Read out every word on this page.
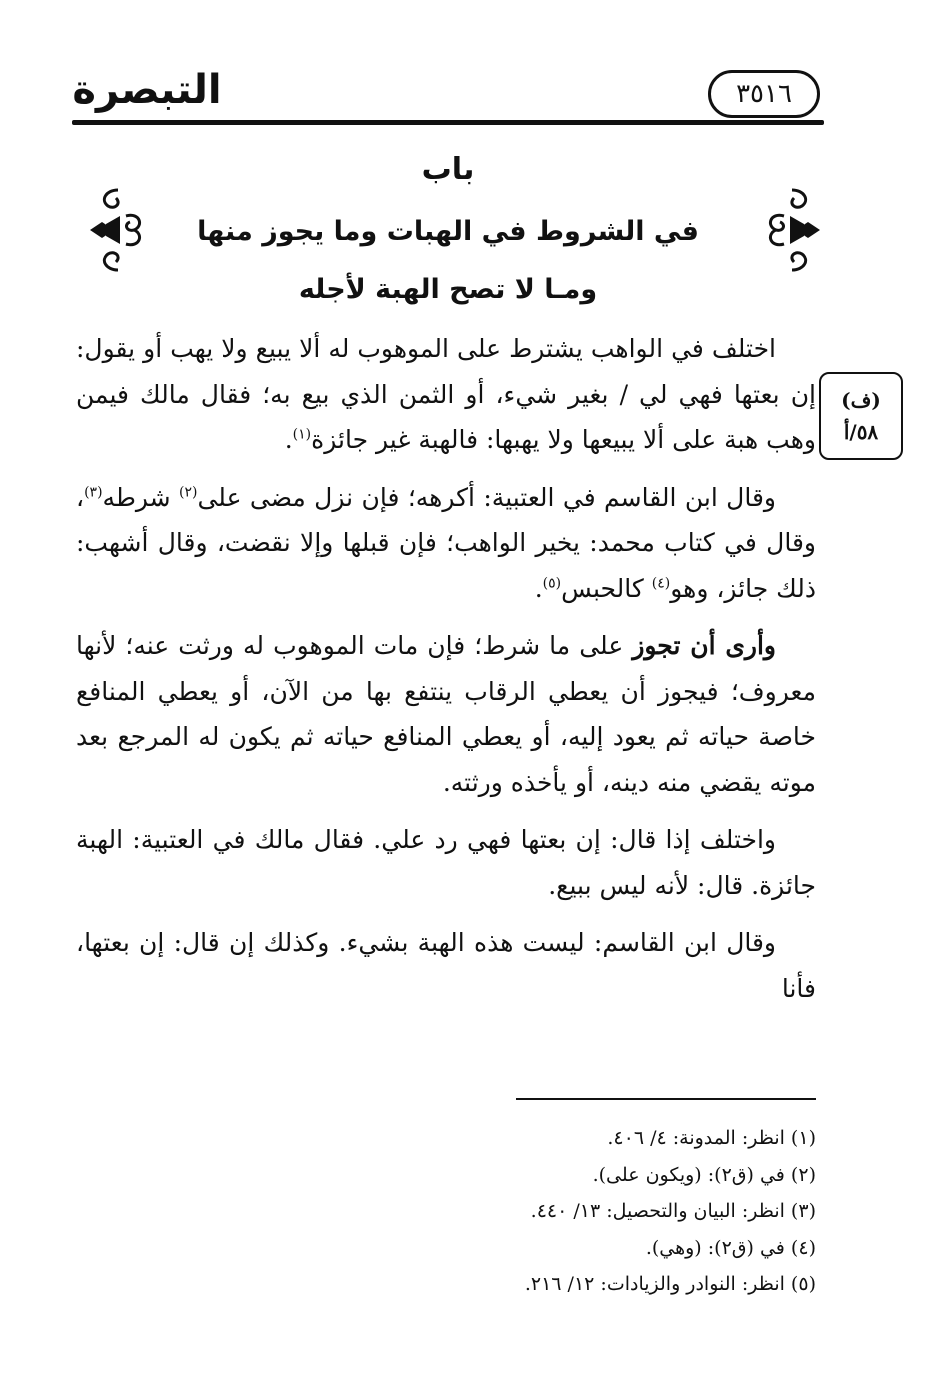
التبصرة	٣٥١٦
باب
في الشروط في الهبات وما يجوز منها
ومـا لا تصح الهبة لأجله
(ف)
٥٨/أ

اختلف في الواهب يشترط على الموهوب له ألا يبيع ولا يهب أو يقول: إن بعتها فهي لي / بغير شيء، أو الثمن الذي بيع به؛ فقال مالك فيمن وهب هبة على ألا يبيعها ولا يهبها: فالهبة غير جائزة$^{(١)}$.

وقال ابن القاسم في العتبية: أكرهه؛ فإن نزل مضى على$^{(٢)}$ شرطه$^{(٣)}$، وقال في كتاب محمد: يخير الواهب؛ فإن قبلها وإلا نقضت، وقال أشهب: ذلك جائز، وهو$^{(٤)}$ كالحبس$^{(٥)}$.

وأرى أن تجوز على ما شرط؛ فإن مات الموهوب له ورثت عنه؛ لأنها معروف؛ فيجوز أن يعطي الرقاب ينتفع بها من الآن، أو يعطي المنافع خاصة حياته ثم يعود إليه، أو يعطي المنافع حياته ثم يكون له المرجع بعد موته يقضي منه دينه، أو يأخذه ورثته.

واختلف إذا قال: إن بعتها فهي رد علي. فقال مالك في العتبية: الهبة جائزة. قال: لأنه ليس ببيع.

وقال ابن القاسم: ليست هذه الهبة بشيء. وكذلك إن قال: إن بعتها، فأنا

(١) انظر: المدونة: ٤/ ٤٠٦.
(٢) في (ق٢): (ويكون على).
(٣) انظر: البيان والتحصيل: ١٣/ ٤٤٠.
(٤) في (ق٢): (وهي).
(٥) انظر: النوادر والزيادات: ١٢/ ٢١٦.
